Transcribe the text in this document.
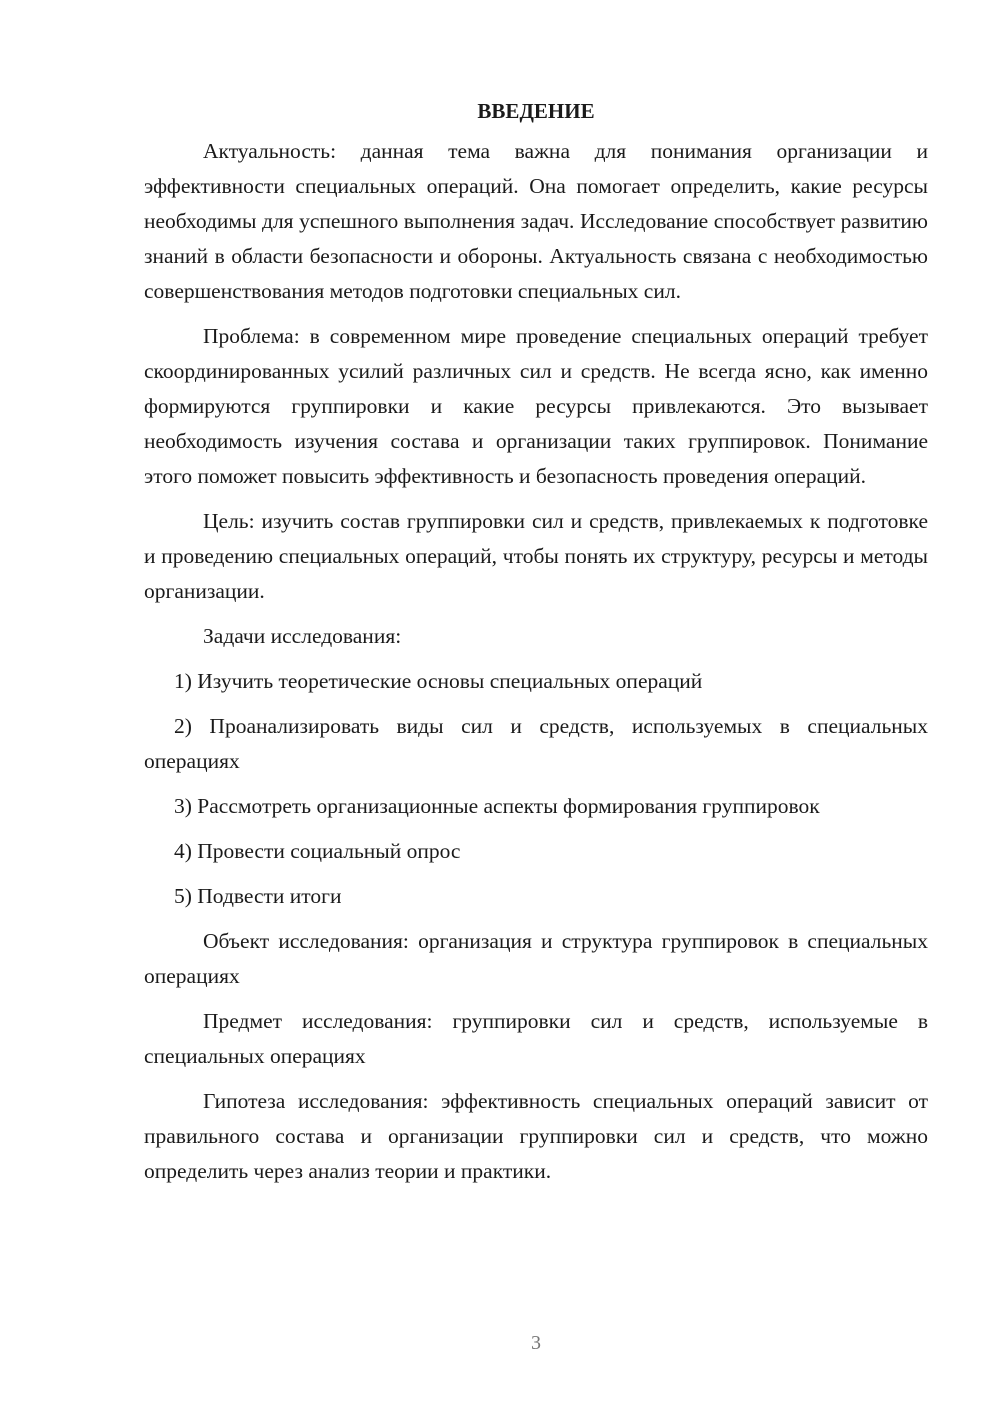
ВВЕДЕНИЕ

Актуальность: данная тема важна для понимания организации и эффективности специальных операций. Она помогает определить, какие ресурсы необходимы для успешного выполнения задач. Исследование способствует развитию знаний в области безопасности и обороны. Актуальность связана с необходимостью совершенствования методов подготовки специальных сил.

Проблема: в современном мире проведение специальных операций требует скоординированных усилий различных сил и средств. Не всегда ясно, как именно формируются группировки и какие ресурсы привлекаются. Это вызывает необходимость изучения состава и организации таких группировок. Понимание этого поможет повысить эффективность и безопасность проведения операций.

Цель: изучить состав группировки сил и средств, привлекаемых к подготовке и проведению специальных операций, чтобы понять их структуру, ресурсы и методы организации.

Задачи исследования:

1) Изучить теоретические основы специальных операций

2) Проанализировать виды сил и средств, используемых в специальных операциях

3) Рассмотреть организационные аспекты формирования группировок

4) Провести социальный опрос

5) Подвести итоги

Объект исследования: организация и структура группировок в специальных операциях

Предмет исследования: группировки сил и средств, используемые в специальных операциях

Гипотеза исследования: эффективность специальных операций зависит от правильного состава и организации группировки сил и средств, что можно определить через анализ теории и практики.

3
